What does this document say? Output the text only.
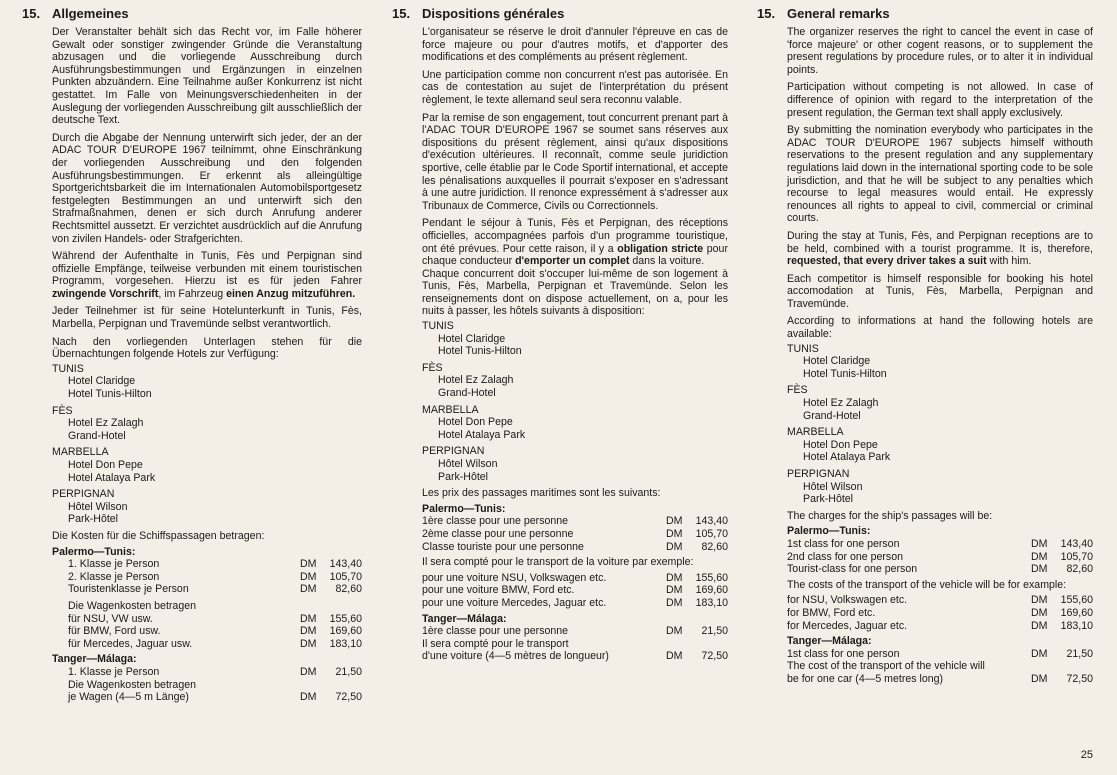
15. Allgemeines
Der Veranstalter behält sich das Recht vor, im Falle höherer Gewalt oder sonstiger zwingender Gründe die Veranstaltung abzusagen und die vorliegende Ausschreibung durch Ausführungsbestimmungen und Ergänzungen in einzelnen Punkten abzuändern. Eine Teilnahme außer Konkurrenz ist nicht gestattet. Im Falle von Meinungsverschiedenheiten in der Auslegung der vorliegenden Ausschreibung gilt ausschließlich der deutsche Text.
Durch die Abgabe der Nennung unterwirft sich jeder, der an der ADAC TOUR D'EUROPE 1967 teilnimmt, ohne Einschränkung der vorliegenden Ausschreibung und den folgenden Ausführungsbestimmungen. Er erkennt als alleingültige Sportgerichtsbarkeit die im Internationalen Automobilsportgesetz festgelegten Bestimmungen an und unterwirft sich den Strafmaßnahmen, denen er sich durch Anrufung anderer Rechtsmittel aussetzt. Er verzichtet ausdrücklich auf die Anrufung von zivilen Handels- oder Strafgerichten.
Während der Aufenthalte in Tunis, Fès und Perpignan sind offizielle Empfänge, teilweise verbunden mit einem touristischen Programm, vorgesehen. Hierzu ist es für jeden Fahrer zwingende Vorschrift, im Fahrzeug einen Anzug mitzuführen.
Jeder Teilnehmer ist für seine Hotelunterkunft in Tunis, Fès, Marbella, Perpignan und Travemünde selbst verantwortlich.
Nach den vorliegenden Unterlagen stehen für die Übernachtungen folgende Hotels zur Verfügung:
TUNIS
Hotel Claridge
Hotel Tunis-Hilton
FÈS
Hotel Ez Zalagh
Grand-Hotel
MARBELLA
Hotel Don Pepe
Hotel Atalaya Park
PERPIGNAN
Hôtel Wilson
Park-Hôtel
Die Kosten für die Schiffspassagen betragen:
Palermo—Tunis:
1. Klasse je Person	DM	143,40
2. Klasse je Person	DM	105,70
Touristenklasse je Person	DM	82,60
Die Wagenkosten betragen
für NSU, VW usw.	DM	155,60
für BMW, Ford usw.	DM	169,60
für Mercedes, Jaguar usw.	DM	183,10
Tanger—Málaga:
1. Klasse je Person	DM	21,50
Die Wagenkosten betragen
je Wagen (4—5 m Länge)	DM	72,50
15. Dispositions générales
L'organisateur se réserve le droit d'annuler l'épreuve en cas de force majeure ou pour d'autres motifs, et d'apporter des modifications et des compléments au présent règlement.
Une participation comme non concurrent n'est pas autorisée. En cas de contestation au sujet de l'interprétation du présent règlement, le texte allemand seul sera reconnu valable.
Par la remise de son engagement, tout concurrent prenant part à l'ADAC TOUR D'EUROPE 1967 se soumet sans réserves aux dispositions du présent règlement, ainsi qu'aux dispositions d'exécution ultérieures. Il reconnaît, comme seule juridiction sportive, celle établie par le Code Sportif international, et accepte les pénalisations auxquelles il pourrait s'exposer en s'adressant à une autre juridiction. Il renonce expressément à s'adresser aux Tribunaux de Commerce, Civils ou Correctionnels.
Pendant le séjour à Tunis, Fès et Perpignan, des réceptions officielles, accompagnées parfois d'un programme touristique, ont été prévues. Pour cette raison, il y a obligation stricte pour chaque conducteur d'emporter un complet dans la voiture.
Chaque concurrent doit s'occuper lui-même de son logement à Tunis, Fès, Marbella, Perpignan et Travemünde. Selon les renseignements dont on dispose actuellement, on a, pour les nuits à passer, les hôtels suivants à disposition:
TUNIS
Hotel Claridge
Hotel Tunis-Hilton
FÈS
Hotel Ez Zalagh
Grand-Hotel
MARBELLA
Hotel Don Pepe
Hotel Atalaya Park
PERPIGNAN
Hôtel Wilson
Park-Hôtel
Les prix des passages maritimes sont les suivants:
Palermo—Tunis:
1ère classe pour une personne	DM	143,40
2ème classe pour une personne	DM	105,70
Classe touriste pour une personne	DM	82,60
Il sera compté pour le transport de la voiture par exemple:
pour une voiture NSU, Volkswagen etc.	DM	155,60
pour une voiture BMW, Ford etc.	DM	169,60
pour une voiture Mercedes, Jaguar etc.	DM	183,10
Tanger—Málaga:
1ère classe pour une personne	DM	21,50
Il sera compté pour le transport
d'une voiture (4—5 mètres de longueur)	DM	72,50
15. General remarks
The organizer reserves the right to cancel the event in case of 'force majeure' or other cogent reasons, or to supplement the present regulations by procedure rules, or to alter it in individual points.
Participation without competing is not allowed. In case of difference of opinion with regard to the interpretation of the present regulation, the German text shall apply exclusively.
By submitting the nomination everybody who participates in the ADAC TOUR D'EUROPE 1967 subjects himself withouth reservations to the present regulation and any supplementary regulations laid down in the international sporting code to be sole jurisdiction, and that he will be subject to any penalties which recourse to legal measures would entail. He expressly renounces all rights to appeal to civil, commercial or criminal courts.
During the stay at Tunis, Fès, and Perpignan receptions are to be held, combined with a tourist programme. It is, therefore, requested, that every driver takes a suit with him.
Each competitor is himself responsible for booking his hotel accomodation at Tunis, Fès, Marbella, Perpignan and Travemünde.
According to informations at hand the following hotels are available:
TUNIS
Hotel Claridge
Hotel Tunis-Hilton
FÈS
Hotel Ez Zalagh
Grand-Hotel
MARBELLA
Hotel Don Pepe
Hotel Atalaya Park
PERPIGNAN
Hôtel Wilson
Park-Hôtel
The charges for the ship's passages will be:
Palermo—Tunis:
1st class for one person	DM	143,40
2nd class for one person	DM	105,70
Tourist-class for one person	DM	82,60
The costs of the transport of the vehicle will be for example:
for NSU, Volkswagen etc.	DM	155,60
for BMW, Ford etc.	DM	169,60
for Mercedes, Jaguar etc.	DM	183,10
Tanger—Málaga:
1st class for one person	DM	21,50
The cost of the transport of the vehicle will
be for one car (4—5 metres long)	DM	72,50
25
